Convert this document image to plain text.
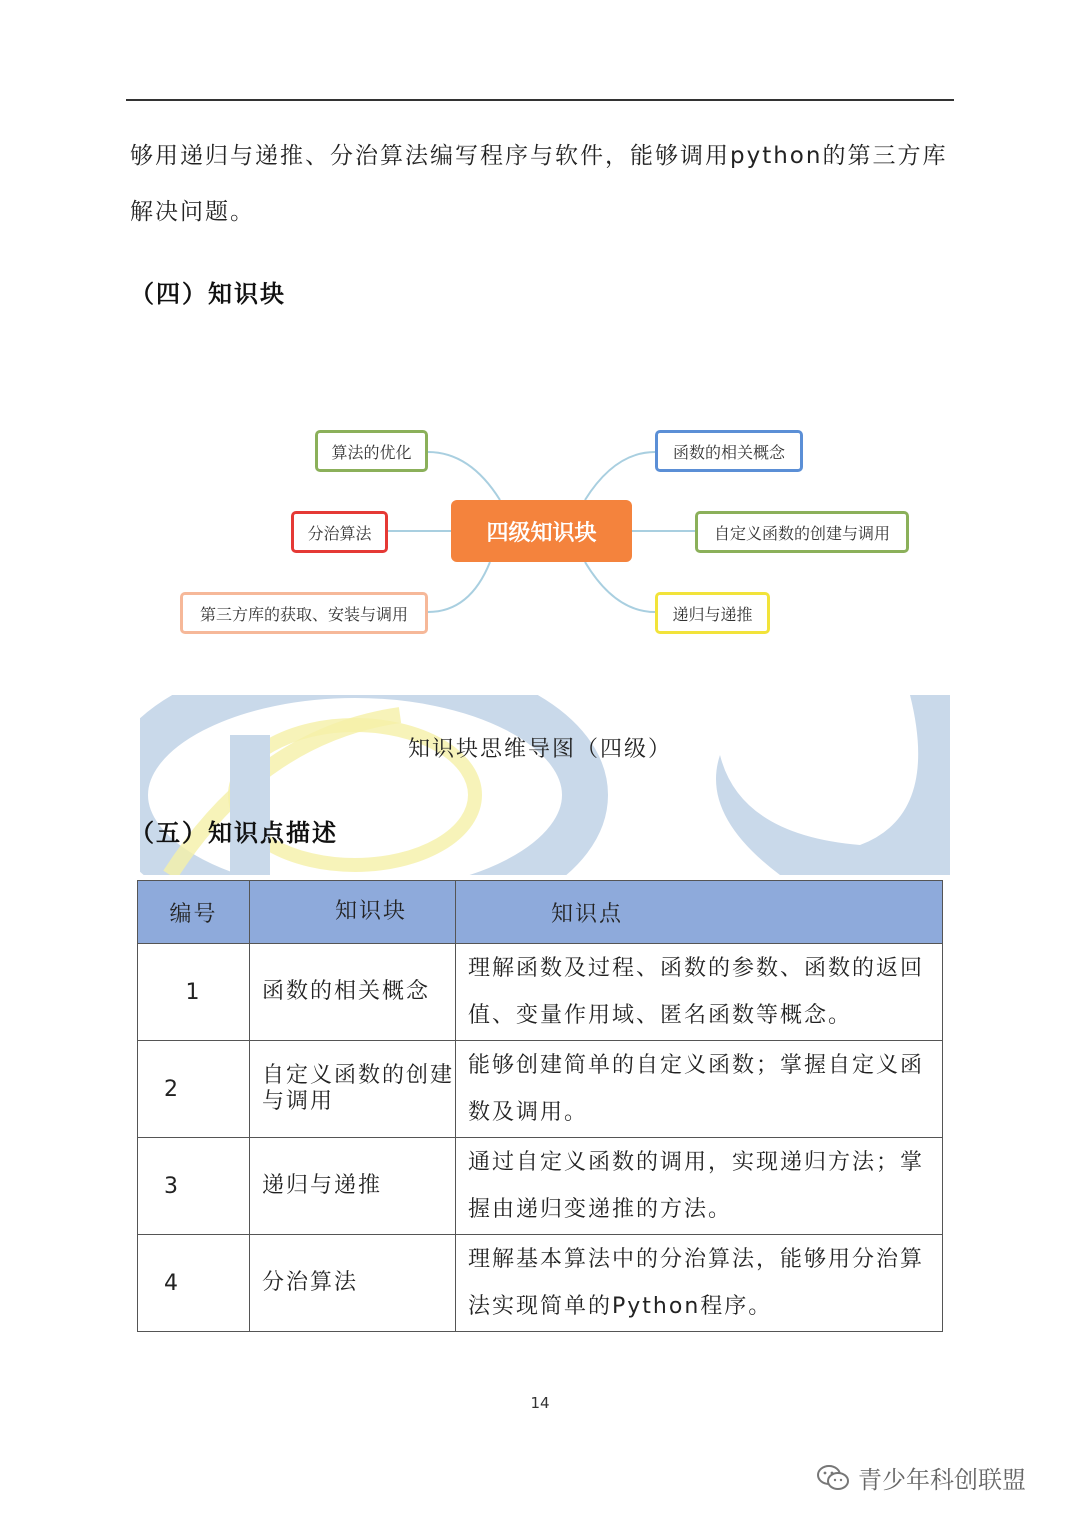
够用递归与递推、分治算法编写程序与软件，能够调用python的第三方库
解决问题。
（四）知识块
算法的优化
分治算法
第三方库的获取、安装与调用
四级知识块
函数的相关概念
自定义函数的创建与调用
递归与递推
知识块思维导图（四级）
（五）知识点描述
编号	知识块	知识点
1	函数的相关概念	理解函数及过程、函数的参数、函数的返回值、变量作用域、匿名函数等概念。
2	自定义函数的创建与调用	能够创建简单的自定义函数；掌握自定义函数及调用。
3	递归与递推	通过自定义函数的调用，实现递归方法；掌握由递归变递推的方法。
4	分治算法	理解基本算法中的分治算法，能够用分治算法实现简单的Python程序。
14
青少年科创联盟
